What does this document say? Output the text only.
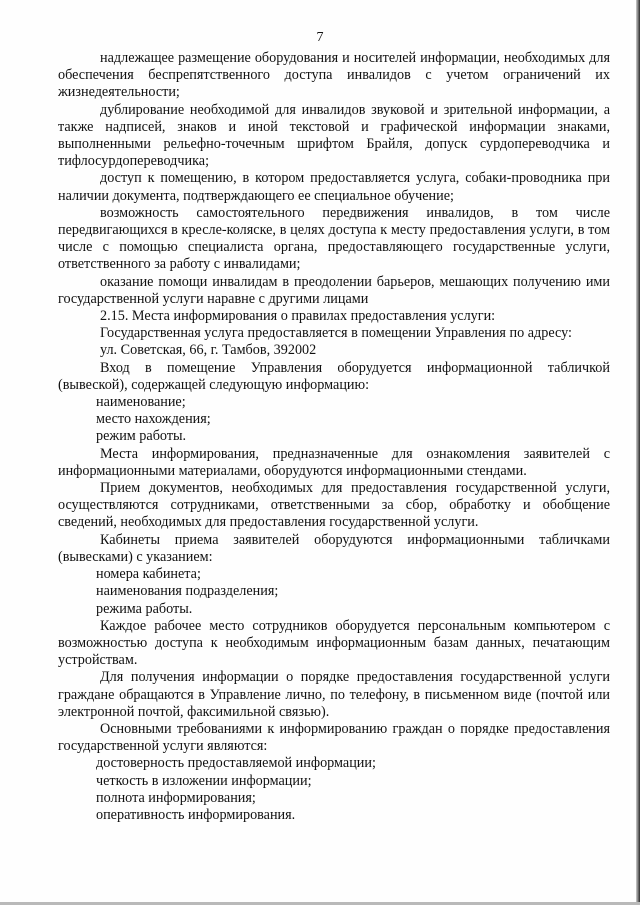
7

надлежащее размещение оборудования и носителей информации, необходимых для обеспечения беспрепятственного доступа инвалидов с учетом ограничений их жизнедеятельности;

дублирование необходимой для инвалидов звуковой и зрительной информации, а также надписей, знаков и иной текстовой и графической информации знаками, выполненными рельефно-точечным шрифтом Брайля, допуск сурдопереводчика и тифлосурдопереводчика;

доступ к помещению, в котором предоставляется услуга, собаки-проводника при наличии документа, подтверждающего ее специальное обучение;

возможность самостоятельного передвижения инвалидов, в том числе передвигающихся в кресле-коляске, в целях доступа к месту предоставления услуги, в том числе с помощью специалиста органа, предоставляющего государственные услуги, ответственного за работу с инвалидами;

оказание помощи инвалидам в преодолении барьеров, мешающих получению ими государственной услуги наравне с другими лицами

2.15. Места информирования о правилах предоставления услуги:

Государственная услуга предоставляется в помещении Управления по адресу:

ул. Советская, 66, г. Тамбов, 392002

Вход в помещение Управления оборудуется информационной табличкой (вывеской), содержащей следующую информацию:

наименование;

место нахождения;

режим работы.

Места информирования, предназначенные для ознакомления заявителей с информационными материалами, оборудуются информационными стендами.

Прием документов, необходимых для предоставления государственной услуги, осуществляются сотрудниками, ответственными за сбор, обработку и обобщение сведений, необходимых для предоставления государственной услуги.

Кабинеты приема заявителей оборудуются информационными табличками (вывесками) с указанием:

номера кабинета;

наименования подразделения;

режима работы.

Каждое рабочее место сотрудников оборудуется персональным компьютером с возможностью доступа к необходимым информационным базам данных, печатающим устройствам.

Для получения информации о порядке предоставления государственной услуги граждане обращаются в Управление лично, по телефону, в письменном виде (почтой или электронной почтой, факсимильной связью).

Основными требованиями к информированию граждан о порядке предоставления государственной услуги являются:

достоверность предоставляемой информации;

четкость в изложении информации;

полнота информирования;

оперативность информирования.
